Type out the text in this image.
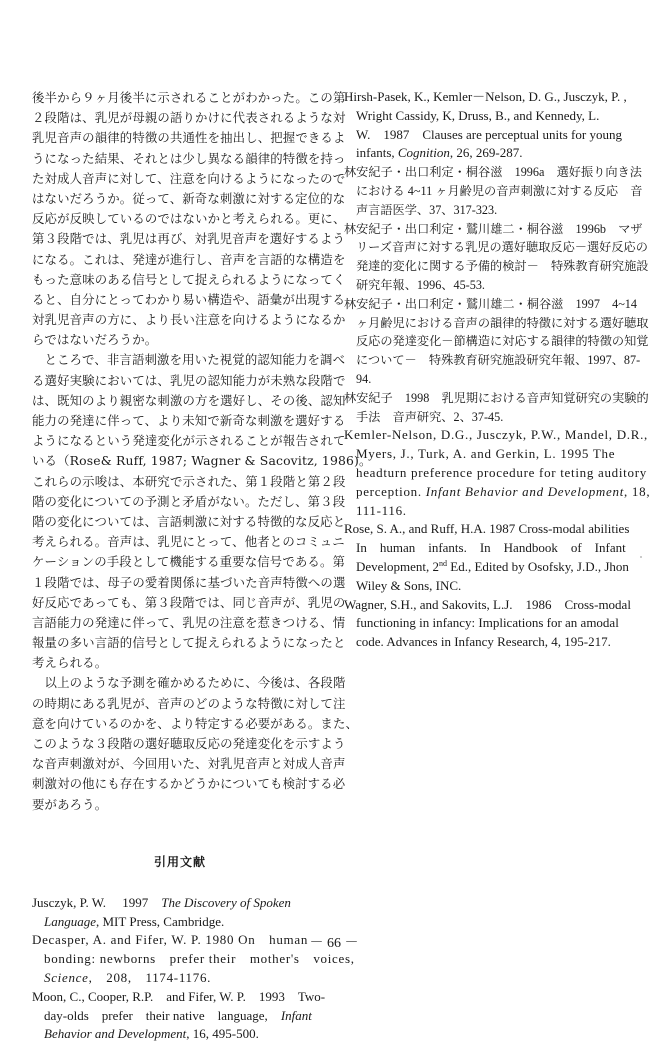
後半から９ヶ月後半に示されることがわかった。この第
２段階は、乳児が母親の語りかけに代表されるような対
乳児音声の韻律的特徴の共通性を抽出し、把握できるよ
うになった結果、それとは少し異なる韻律的特徴を持っ
た対成人音声に対して、注意を向けるようになったので
はないだろうか。従って、新奇な刺激に対する定位的な
反応が反映しているのではないかと考えられる。更に、
第３段階では、乳児は再び、対乳児音声を選好するよう
になる。これは、発達が進行し、音声を言語的な構造を
もった意味のある信号として捉えられるようになってく
ると、自分にとってわかり易い構造や、語彙が出現する
対乳児音声の方に、より長い注意を向けるようになるか
らではないだろうか。
　ところで、非言語刺激を用いた視覚的認知能力を調べ
る選好実験においては、乳児の認知能力が未熟な段階で
は、既知のより親密な刺激の方を選好し、その後、認知
能力の発達に伴って、より未知で新奇な刺激を選好する
ようになるという発達変化が示されることが報告されて
いる（Rose& Ruff, 1987; Wagner & Sacovitz, 1986)。
これらの示唆は、本研究で示された、第１段階と第２段
階の変化についての予測と矛盾がない。ただし、第３段
階の変化については、言語刺激に対する特徴的な反応と
考えられる。音声は、乳児にとって、他者とのコミュニ
ケーションの手段として機能する重要な信号である。第
１段階では、母子の愛着関係に基づいた音声特徴への選
好反応であっても、第３段階では、同じ音声が、乳児の
言語能力の発達に伴って、乳児の注意を惹きつける、情
報量の多い言語的信号として捉えられるようになったと
考えられる。
　以上のような予測を確かめるために、今後は、各段階
の時期にある乳児が、音声のどのような特徴に対して注
意を向けているのかを、より特定する必要がある。また、
このような３段階の選好聴取反応の発達変化を示すよう
な音声刺激対が、今回用いた、対乳児音声と対成人音声
刺激対の他にも存在するかどうかについても検討する必
要があろう。
引用文献
Jusczyk, P. W.　 1997　The Discovery of Spoken
Language, MIT Press, Cambridge.
Decasper, A. and Fifer, W. P. 1980 On　human
bonding: newborns　prefer their　mother's　voices,
Science,　208,　1174-1176.
Moon, C., Cooper, R.P.　and Fifer, W. P.　1993　Two-
day-olds　prefer　their native　language,　Infant
Behavior and Development, 16, 495-500.
Hirsh-Pasek, K., Kemler－Nelson, D. G., Jusczyk, P. ,
Wright Cassidy, K, Druss, B., and Kennedy, L.
W.　1987　Clauses are perceptual units for young
infants, Cognition, 26, 269-287.
林安紀子・出口利定・桐谷滋　1996a　選好振り向き法
における 4~11 ヶ月齢児の音声刺激に対する反応　音
声言語医学、37、317-323.
林安紀子・出口利定・鷲川雄二・桐谷滋　1996b　マザ
リーズ音声に対する乳児の選好聴取反応－選好反応の
発達的変化に関する予備的検討－　特殊教育研究施設
研究年報、1996、45-53.
林安紀子・出口利定・鷲川雄二・桐谷滋　1997　4~14
ヶ月齢児における音声の韻律的特徴に対する選好聴取
反応の発達変化－節構造に対応する韻律的特徴の知覚
について－　特殊教育研究施設研究年報、1997、87-
94.
林安紀子　1998　乳児期における音声知覚研究の実験的
手法　音声研究、2、37-45.
Kemler-Nelson, D.G., Jusczyk, P.W., Mandel, D.R.,
Myers, J., Turk, A. and Gerkin, L. 1995 The
headturn preference procedure for teting auditory
perception. Infant Behavior and Development, 18,
111-116.
Rose, S. A., and Ruff, H.A. 1987 Cross-modal abilities
In　human　infants.　In　Handbook　of　Infant
Development, 2nd Ed., Edited by Osofsky, J.D., Jhon
Wiley & Sons, INC.
Wagner, S.H., and Sakovits, L.J.　1986　Cross-modal
functioning in infancy: Implications for an amodal
code. Advances in Infancy Research, 4, 195-217.
－ 66 －
